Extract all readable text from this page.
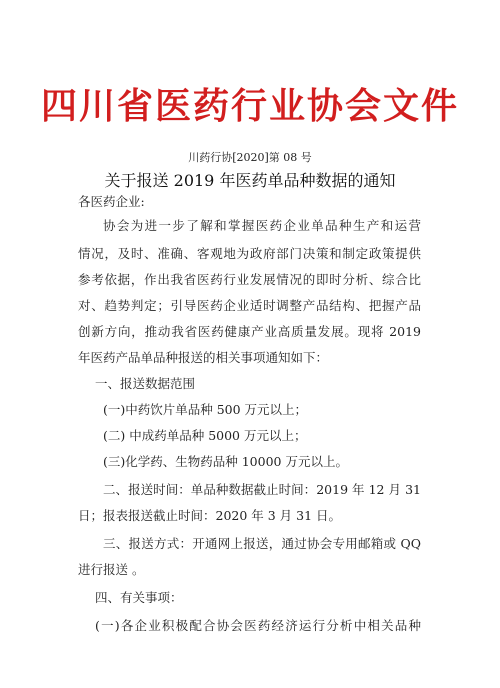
四川省医药行业协会文件
川药行协[2020]第 08 号
关于报送 2019 年医药单品种数据的通知
各医药企业:
协会为进一步了解和掌握医药企业单品种生产和运营
情况，及时、准确、客观地为政府部门决策和制定政策提供
参考依据，作出我省医药行业发展情况的即时分析、综合比
对、趋势判定；引导医药企业适时调整产品结构、把握产品
创新方向，推动我省医药健康产业高质量发展。现将 2019
年医药产品单品种报送的相关事项通知如下：
一、报送数据范围
(一)中药饮片单品种 500 万元以上；
(二) 中成药单品种 5000 万元以上；
(三)化学药、生物药品种 10000 万元以上。
二、报送时间：单品种数据截止时间：2019 年 12 月 31
日；报表报送截止时间：2020 年 3 月 31 日。
三、报送方式：开通网上报送，通过协会专用邮箱或 QQ
进行报送 。
四、有关事项：
(一)各企业积极配合协会医药经济运行分析中相关品种
